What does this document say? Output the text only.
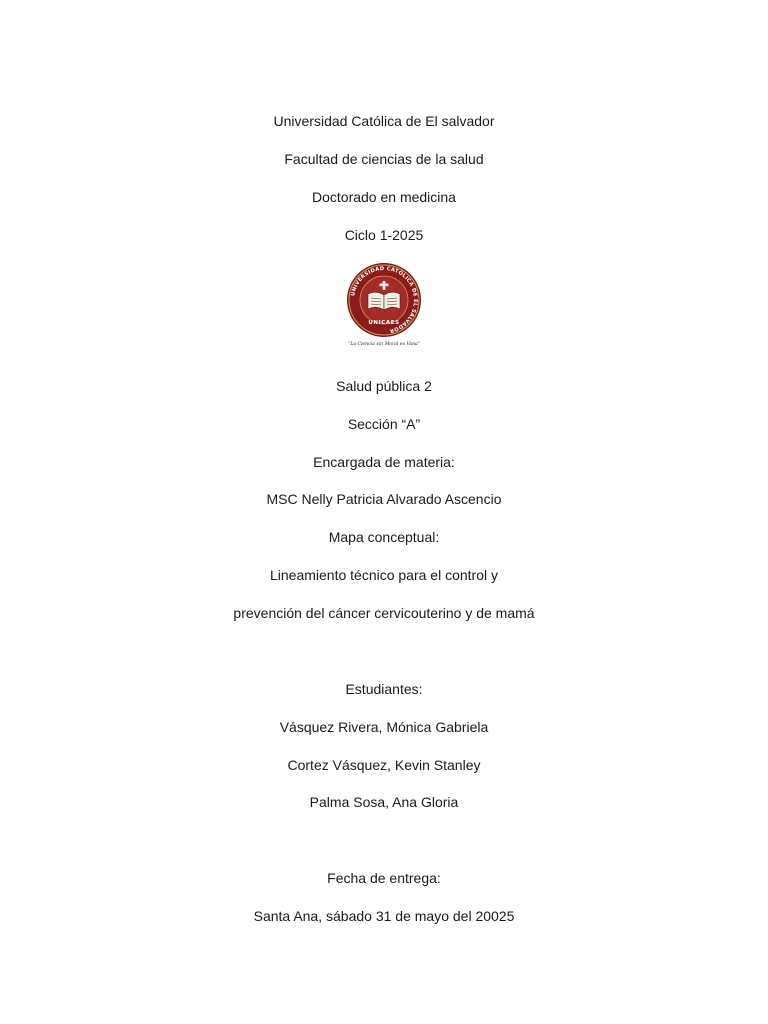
Universidad Católica de El salvador
Facultad de ciencias de la salud
Doctorado en medicina
Ciclo 1-2025
UNIVERSIDAD CATÓLICA DE EL SALVADOR
UNICAES
"La Ciencia sin Moral es Vana"
Salud pública 2
Sección “A”
Encargada de materia:
MSC Nelly Patricia Alvarado Ascencio
Mapa conceptual:
Lineamiento técnico para el control y
prevención del cáncer cervicouterino y de mamá
Estudiantes:
Vásquez Rivera, Mónica Gabriela
Cortez Vásquez, Kevin Stanley
Palma Sosa, Ana Gloria
Fecha de entrega:
Santa Ana, sábado 31 de mayo del 20025
